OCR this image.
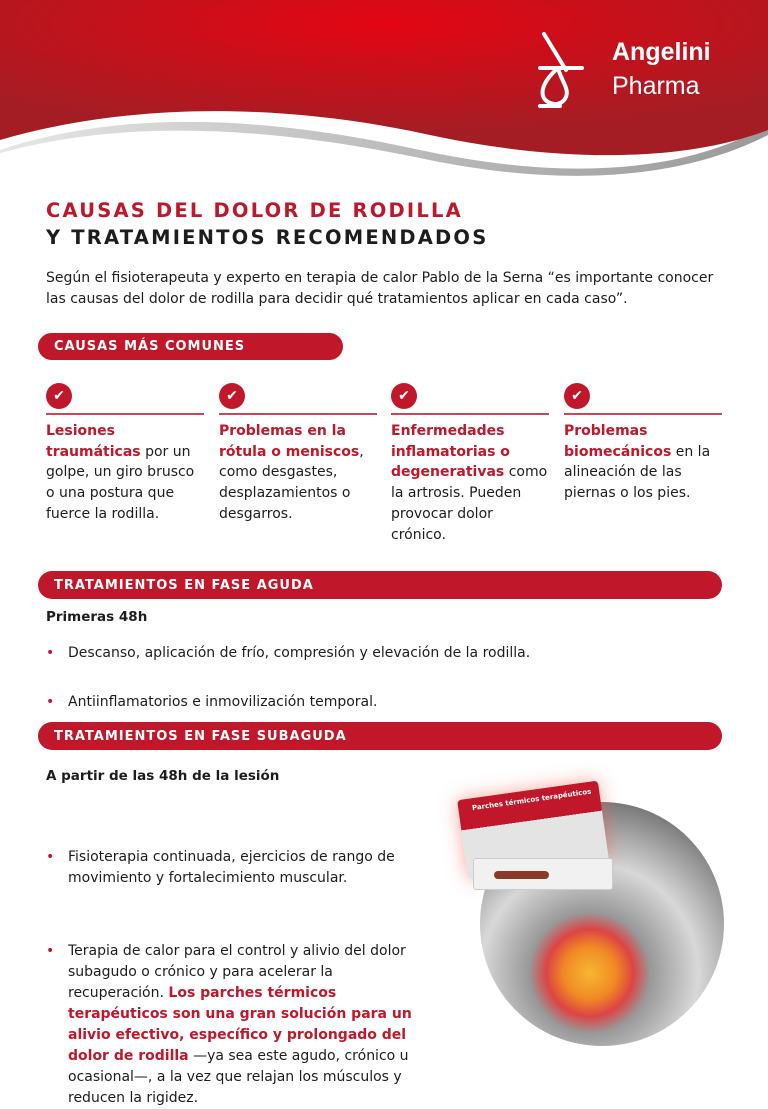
Angelini
Pharma
CAUSAS DEL DOLOR DE RODILLA
Y TRATAMIENTOS RECOMENDADOS
Según el fisioterapeuta y experto en terapia de calor Pablo de la Serna “es importante conocer las causas del dolor de rodilla para decidir qué tratamientos aplicar en cada caso”.
CAUSAS MÁS COMUNES
✔
Lesiones traumáticas por un golpe, un giro brusco o una postura que fuerce la rodilla.
✔
Problemas en la rótula o meniscos, como desgastes, desplazamientos o desgarros.
✔
Enfermedades inflamatorias o degenerativas como la artrosis. Pueden provocar dolor crónico.
✔
Problemas biomecánicos en la alineación de las piernas o los pies.
TRATAMIENTOS EN FASE AGUDA
Primeras 48h
• Descanso, aplicación de frío, compresión y elevación de la rodilla.
• Antiinflamatorios e inmovilización temporal.
TRATAMIENTOS EN FASE SUBAGUDA
A partir de las 48h de la lesión
• Fisioterapia continuada, ejercicios de rango de movimiento y fortalecimiento muscular.
• Terapia de calor para el control y alivio del dolor subagudo o crónico y para acelerar la recuperación. Los parches térmicos terapéuticos son una gran solución para un alivio efectivo, específico y prolongado del dolor de rodilla —ya sea este agudo, crónico u ocasional—, a la vez que relajan los músculos y reducen la rigidez.
Parches térmicos terapéuticos
